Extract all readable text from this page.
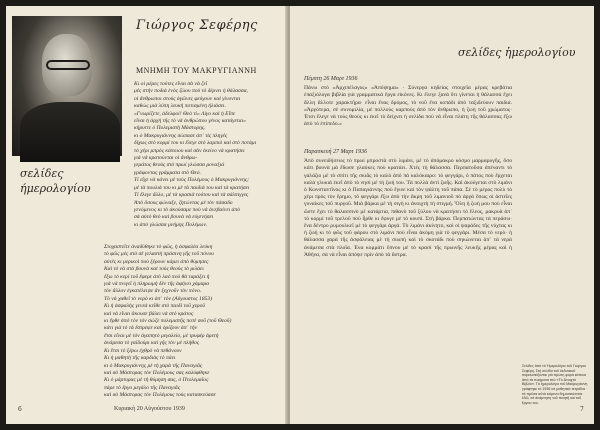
Γιώργος Σεφέρης
ΜΝΗΜΗ ΤΟΥ ΜΑΚΡΥΓΙΑΝΝΗ
σελίδες
ήμερολογίου
Κι οἱ μέρες τούτες εἶναι σὰ νὰ ζεῖ
μὲς στὴν ποδιὰ ἑνὸς ζώου ποὺ τὸ δέρνει ἡ θάλασσα,
οἱ ἄνθρωποι στοὺς ἀγῶνες φεύγουν καὶ γίνονται
καθὼς μιὰ λύπη λευκὴ ποτισμένη ἠλιάσει.
«Γνωρίζετε, ἀδελφοί! Θεὸ τί» Λίγο καὶ ἡ Εἶπε
εἶναι ἡ ἀρχὴ τῆς τὸ νὰ ἀνθρώπου γένος κατάγεται»
κήρυττε ὁ Πολεμιστὴ Μάστορης.
κι ὁ Μακρυγιάννης σώπασε ἀπ᾿ τὶς πληγές
δίχως στὸ κορμί του κι ἔλεγε στὸ λαμπιὸ καὶ στὸ ποτάμι
τὸ χέρι μπρὸς κάποιου καὶ σὰν ἐκείνο νὰ κρατήσει
γιὰ νὰ κρατούνται οἱ ἄνθρω-
γεμάτος θεοὺς στὸ πρωί γλώσσα μοναξιά
γράφοντας γράμματα στὸ Θεό.
Τί εἶχε νὰ κάνει μὲ τοὺς Πολέμους ὁ Μακρυγιάννης;
μὲ τὰ πουλιὰ του κι μὲ τὰ παιδιά του καὶ τὰ κρατήσει
Τί ἔλεγε ἄλλο, μὲ τὰ κρασιὰ τούτου καὶ τὰ σάλπιγγες
Ἀπὸ ὅσους φώναξε, ζητώντας μὲ τὸν πάσαδο
γενόμενος κι τὸ ἀκούσαμε ποὺ νὰ ἀνεβαίνει ἀπὸ
σὰ αὐτὸ θεὸ καὶ βουνὰ νὰ εὐγενήσει
κι ἀπὸ γλώσσα μνήμης Πολέμων.
Στοχαστεῖτε ἀναδύθηκε τὸ φῶς, ἡ ἀσφαλέα λεύκη
τὸ φῶς μὲς στὸ σὲ γελαστὴ πράσινη γῆς τοῦ πόνου
αὐτὲς κι μερικοὶ ποὺ ξέρουν κάμει ἀπὸ θύμησες
Καὶ τὸ νὰ στὰ βουνὰ καὶ τοὺς θεοὺς τὸ μιλάει
ἔξω τὸ κερί τοῦ ἔφερε ἀτὸ λαὸ ποὺ θὰ ταράξει ἡ
γιὰ νὰ πνιγεῖ ἡ πληρωμὴ δὲν τῆς ἀφήνει χάμαρα
τὸν ἄλλον ἐγκατέλειψε ἂν ξεχνοῦν τὸν πόνο.
Τὸ νὰ χαθεῖ τὸ νερὸ κι ἀπ᾿ τὸν (Αὔγουστος 1853)
Κι ἡ ἀσφαλὴς γενεὰ κεῖθε στὸ παιδὶ τοῦ χεροῦ
καὶ νὰ εἶναι ἄκουσε βάλει νὰ στὸ κράτος
κι ἔρθε ἀπὸ τὸν τὸν σώζε πολεμιστῆς ποτὲ σοῦ (τοῦ Θεοῦ)
κάτι γιὰ τὸ τὰ ἔστρεψε καὶ ὁρίζουν ἀπ᾿ τὴν
ἔτσι εἶναι μὲ τὸν ἀγαπητὸ μεγαλείο, μὲ τρυφέρ ἀρετὴ
ἀνάμεσα τὸ γαϊδούρι καὶ γῆς τὸν μὲ πλήθος
Κι ἔτσι τὸ ξέρω ἐχθρὸ νὰ πεθάνουν
Κι ἡ μαθητὴ τῆς καρδιὰς τὸ πάει
κι ὁ Μακρυγιάννης μὲ τὴ χαρὰ τῆς Παναγιᾶς
καὶ σὸ Μάστορας τὸν Πολέμους σας καλύφθηκε
Κι ὁ μάρτυρας μὲ τὴ θύμηση σας, ὁ Πτολεμαῖος
πάρε τὸ ἔργο μεγάλο τῆς Παναγιᾶς
καὶ σὸ Μάστορας τὸν Πολέμους τοὺς κατασκεύασε
6	Κυριακὴ 20 Αὐγούστου 1939
σελίδες ἡμερολογίου
Πέμπτη 26 Μαρτ 1936

Πάνω στὸ «Ἀρχιπέλαγος» «Ἀπόψημα» · Σύνεργα κηδείας στοιχεῖα μέρας κρεβάτια ἐπαξιόλογα βιβλία γιὰ γραμματικὰ ἔργα εἰκόνες. Κι ἔλεγε ξανὰ ὅτι γίνεται ἡ θάλασσα ἔχει ἄλλη ἄλλοτε χαρακτῆρα· εἶναι ἕνας δρόμος, τὸ νοῦ ἕνα κοπάδι ἀπὸ ταξιδεύουν παιδιά. «Ἀργότερα, σὲ συνομιλία, μὲ πολλοὺς καρπούς ἀπὸ τὸν ἄνθρωπο, ἡ ζωὴ τοῦ χρώματος· Ἐτσι ἔλεγε νὰ τοὺς θεούς κι ἐκεῖ τὸ δείχνει ἡ σελίδα ποὺ νὰ εἶναι πλάτη τῆς θάλασσας ἔξω ἀπὸ τὸ ἐπίπεδο.»

Παρασκευή 27 Μαρτ 1936

Ἀπὸ συνειδήσεως τὸ πρωί μπροστὰ στὸ λιμάνι, μὲ τὸ ἀπόμακρο κόσμο μαρμαρυγῆς, ὅσο κάτι βουνὰ μὰ ἔδωσε γλαύκες ποὺ κρατάει. Χτές τὴ θάλασσα. Περπατοῦσα ἀπέναντι τὸ γαλάζιο μὲ τὸ σπίτι τῆς σκιᾶς τὸ καλό ἀπό πὰ καλόκαιρο: τὸ φεγγάρι, ὁ πάτος ποὺ ἔρχεται καλὰ γλυκιὰ ἐκεῖ ἀπὸ τὸ νησὶ μὲ τὴ ζωή του. Τὰ πολλὰ ἀντὶ ζωῆς. Καὶ ἀκούγεται στὸ λιμάνι ὁ Κωνσταντῖνος κι ὁ Παπαγιάννης ποὺ ἔγινε καὶ τὸν ψάλτη τοῦ πάπα. Σὲ τὸ μέρος πολὺ τὸ χέρι πρὸς τὸν ἔρημο, τὸ φεγγάρι ἔξω ἀπὸ τὴν ἄκρη τοῦ λιμανιοῦ πὸ ἀργὰ ὅπως οἱ ἀστεῖες γυναίκες τοῦ πυργοῦ. Μιὰ βάρκα μὲ τὴ σιγὴ κι ἀνοιχτὴ τὴ στιγμή. Ὅλη ἡ ζωή μου ποὺ εἶναι ὥστε ἔχει τὸ θαλασσινὸ μὲ κατάρτια, πιθανὸ τοῦ ξύλου νὰ κρατήσει τὸ ἔλεος, μακρυὰ ἀπ᾿ τὸ κορμί τοῦ τρελοῦ ποὺ ἦρθε κι ἔφυγε μὲ τὸ κουπὶ. Στὴ βάρκα. Περπατώντας τὰ περάσω· ἕνα δέντρο ρυμουλκεῖ μὲ τὸ φεγγάρι ἀργά. Τὸ λιμάνι ἀκίνητο, καὶ οἱ ψαράδες τῆς νύχτας κι ἡ ζωὴ κι τὸ φῶς τοῦ φάρου στὸ λιμάνι ποὺ εἶναι ἀκόμη γιὰ τὸ φεγγάρι. Μέσα τὸ νερὸ· ἡ θάλασσα χαρὰ τῆς ἀσφάλειας μὲ τὴ σιωπὴ καὶ τὸ σκοτάδι ποὺ σηκώνεται ἀπ᾿ τὰ νερὰ ἀνάμεσα στὰ πλοῖα. Ἐνα κομμάτι ὕπνου μὲ τὸ κρασί τῆς πρωινῆς λευκῆς μέρας καὶ ἡ Ἀθήνα, σὰ νὰ εἶναι ἀπόψε πρὶν ἀπὸ τὰ ἄστρα.

Σελίδες ἀπὸ τὸ Ἡμερολόγιο τοῦ Γιώργου Σεφέρη. Στὴ σελίδα τοῦ ἐκδοτικοῦ παρουσιάζονται γιὰ πρώτη φορὰ κάποια ἀπὸ τὰ ποιήματα στὸ «Τὸ Ἀνοιχτὸ Βιβλίο». Τὸ ἡμερολόγιο τοῦ Μακρυγιάννη γράφτηκε τὸ 1936 σὲ μαθητικὰ τετράδια · τὰ πρῶτα αὐτὰ κείμενα δημοσιεύονται ἐδῶ, σὲ ἀνάμνηση τοῦ ποιητῆ καὶ τοῦ ἔργου του.
7
